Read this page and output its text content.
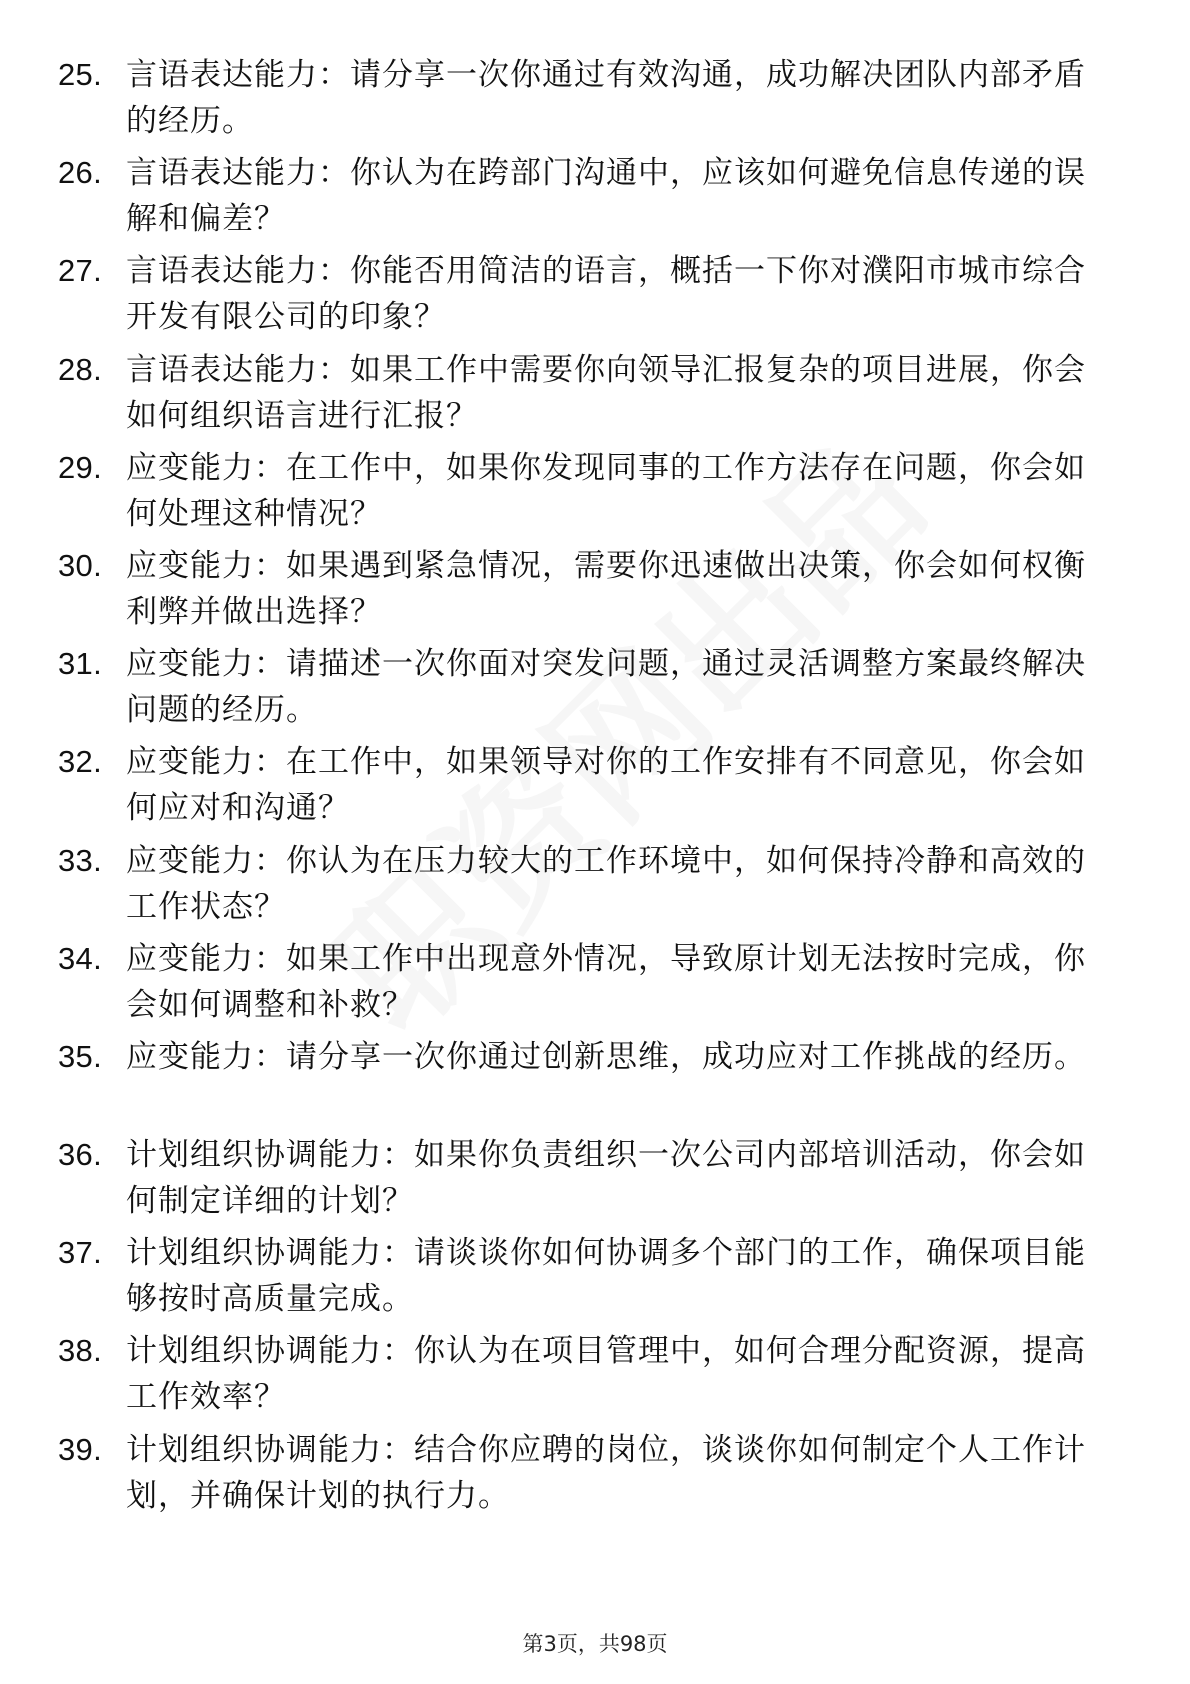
25. 言语表达能力：请分享一次你通过有效沟通，成功解决团队内部矛盾的经历。
26. 言语表达能力：你认为在跨部门沟通中，应该如何避免信息传递的误解和偏差？
27. 言语表达能力：你能否用简洁的语言，概括一下你对濮阳市城市综合开发有限公司的印象？
28. 言语表达能力：如果工作中需要你向领导汇报复杂的项目进展，你会如何组织语言进行汇报？
29. 应变能力：在工作中，如果你发现同事的工作方法存在问题，你会如何处理这种情况？
30. 应变能力：如果遇到紧急情况，需要你迅速做出决策，你会如何权衡利弊并做出选择？
31. 应变能力：请描述一次你面对突发问题，通过灵活调整方案最终解决问题的经历。
32. 应变能力：在工作中，如果领导对你的工作安排有不同意见，你会如何应对和沟通？
33. 应变能力：你认为在压力较大的工作环境中，如何保持冷静和高效的工作状态？
34. 应变能力：如果工作中出现意外情况，导致原计划无法按时完成，你会如何调整和补救？
35. 应变能力：请分享一次你通过创新思维，成功应对工作挑战的经历。
36. 计划组织协调能力：如果你负责组织一次公司内部培训活动，你会如何制定详细的计划？
37. 计划组织协调能力：请谈谈你如何协调多个部门的工作，确保项目能够按时高质量完成。
38. 计划组织协调能力：你认为在项目管理中，如何合理分配资源，提高工作效率？
39. 计划组织协调能力：结合你应聘的岗位，谈谈你如何制定个人工作计划，并确保计划的执行力。
第3页，共98页
